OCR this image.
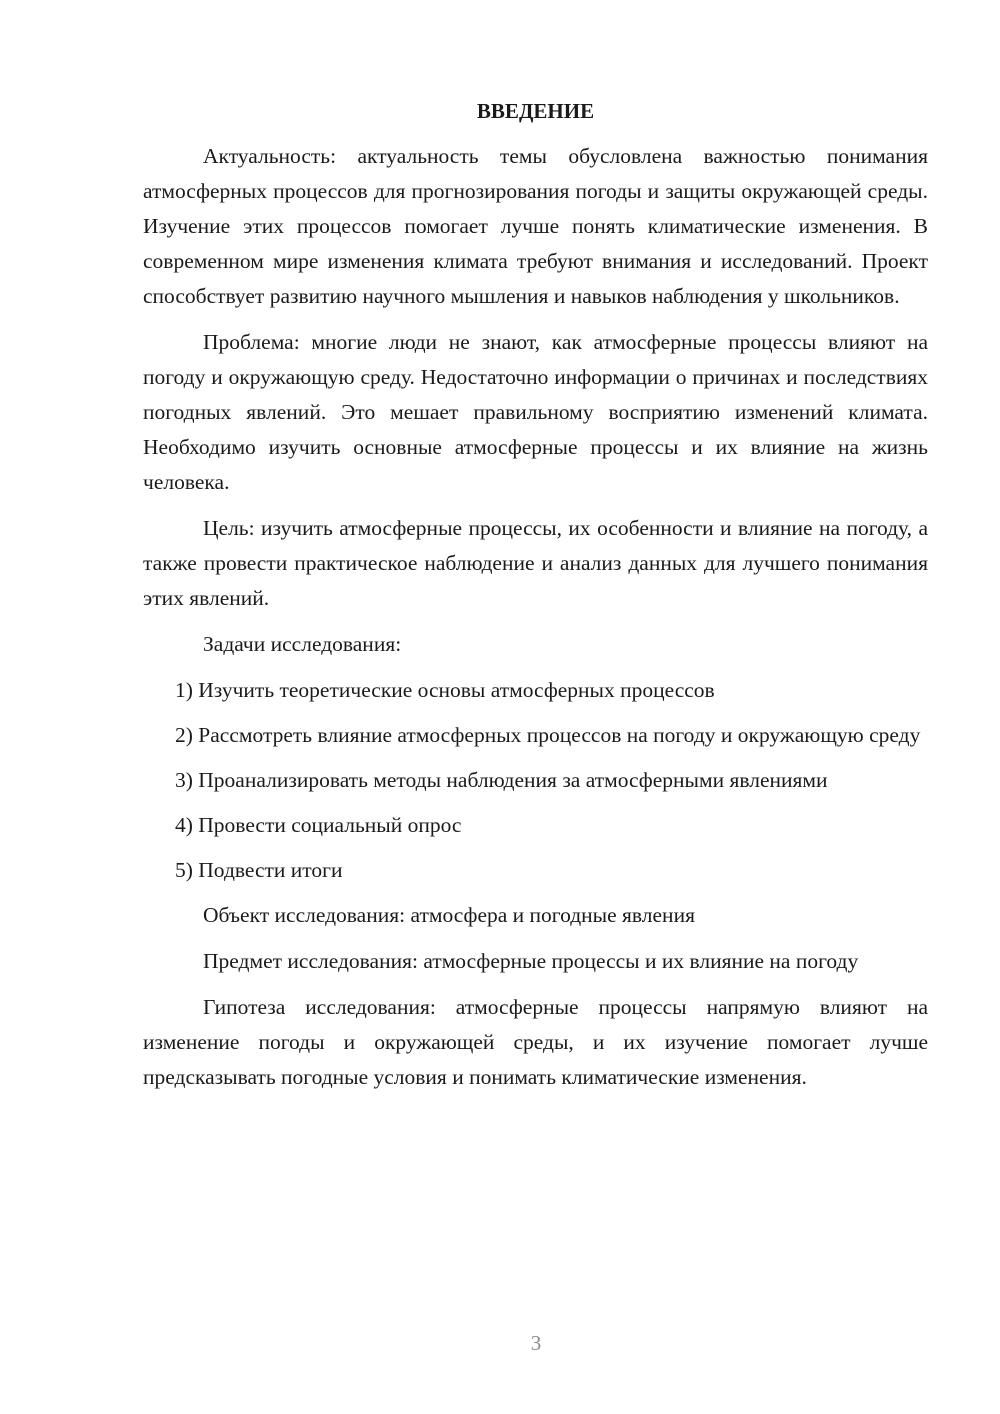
ВВЕДЕНИЕ

Актуальность: актуальность темы обусловлена важностью понимания атмосферных процессов для прогнозирования погоды и защиты окружающей среды. Изучение этих процессов помогает лучше понять климатические изменения. В современном мире изменения климата требуют внимания и исследований. Проект способствует развитию научного мышления и навыков наблюдения у школьников.

Проблема: многие люди не знают, как атмосферные процессы влияют на погоду и окружающую среду. Недостаточно информации о причинах и последствиях погодных явлений. Это мешает правильному восприятию изменений климата. Необходимо изучить основные атмосферные процессы и их влияние на жизнь человека.

Цель: изучить атмосферные процессы, их особенности и влияние на погоду, а также провести практическое наблюдение и анализ данных для лучшего понимания этих явлений.

Задачи исследования:

1) Изучить теоретические основы атмосферных процессов

2) Рассмотреть влияние атмосферных процессов на погоду и окружающую среду

3) Проанализировать методы наблюдения за атмосферными явлениями

4) Провести социальный опрос

5) Подвести итоги

Объект исследования: атмосфера и погодные явления

Предмет исследования: атмосферные процессы и их влияние на погоду

Гипотеза исследования: атмосферные процессы напрямую влияют на изменение погоды и окружающей среды, и их изучение помогает лучше предсказывать погодные условия и понимать климатические изменения.

3
